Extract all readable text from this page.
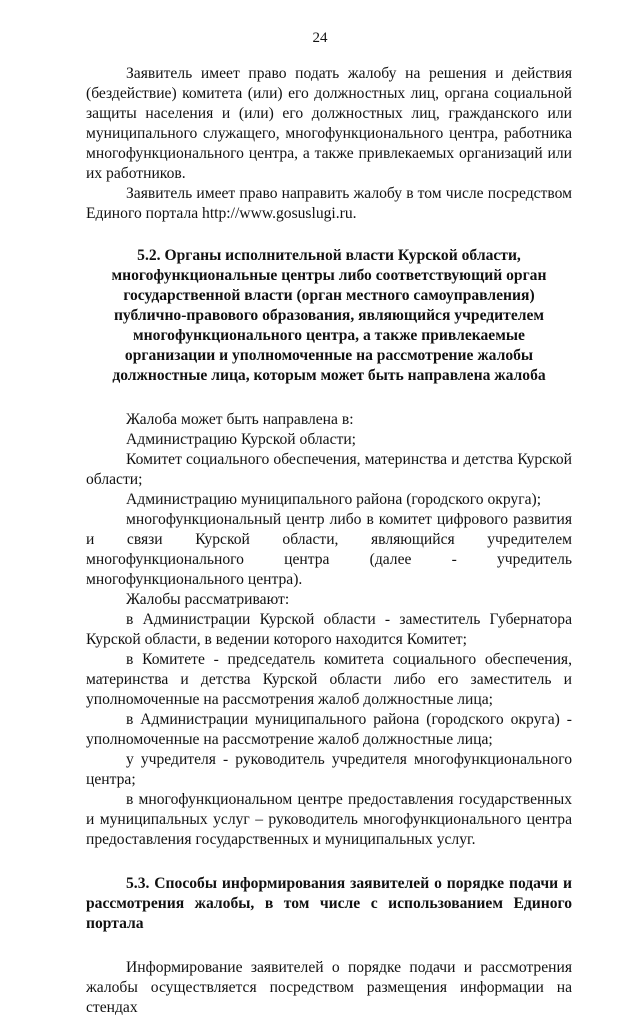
24

Заявитель имеет право подать жалобу на решения и действия (бездействие) комитета (или) его должностных лиц, органа социальной защиты населения и (или) его должностных лиц, гражданского или муниципального служащего, многофункционального центра, работника многофункционального центра, а также привлекаемых организаций или их работников.

Заявитель имеет право направить жалобу в том числе посредством Единого портала http://www.gosuslugi.ru.

5.2. Органы исполнительной власти Курской области, многофункциональные центры либо соответствующий орган государственной власти (орган местного самоуправления) публично-правового образования, являющийся учредителем многофункционального центра, а также привлекаемые организации и уполномоченные на рассмотрение жалобы должностные лица, которым может быть направлена жалоба

Жалоба может быть направлена в:

Администрацию Курской области;

Комитет социального обеспечения, материнства и детства Курской области;

Администрацию муниципального района (городского округа);

многофункциональный центр либо в комитет цифрового развития и связи Курской области, являющийся учредителем многофункционального центра (далее - учредитель многофункционального центра).

Жалобы рассматривают:

в Администрации Курской области - заместитель Губернатора Курской области, в ведении которого находится Комитет;

в Комитете - председатель комитета социального обеспечения, материнства и детства Курской области либо его заместитель и уполномоченные на рассмотрения жалоб должностные лица;

в Администрации муниципального района (городского округа) - уполномоченные на рассмотрение жалоб должностные лица;

у учредителя - руководитель учредителя многофункционального центра;

в многофункциональном центре предоставления государственных и муниципальных услуг – руководитель многофункционального центра предоставления государственных и муниципальных услуг.

5.3. Способы информирования заявителей о порядке подачи и рассмотрения жалобы, в том числе с использованием Единого портала

Информирование заявителей о порядке подачи и рассмотрения жалобы осуществляется посредством размещения информации на стендах
